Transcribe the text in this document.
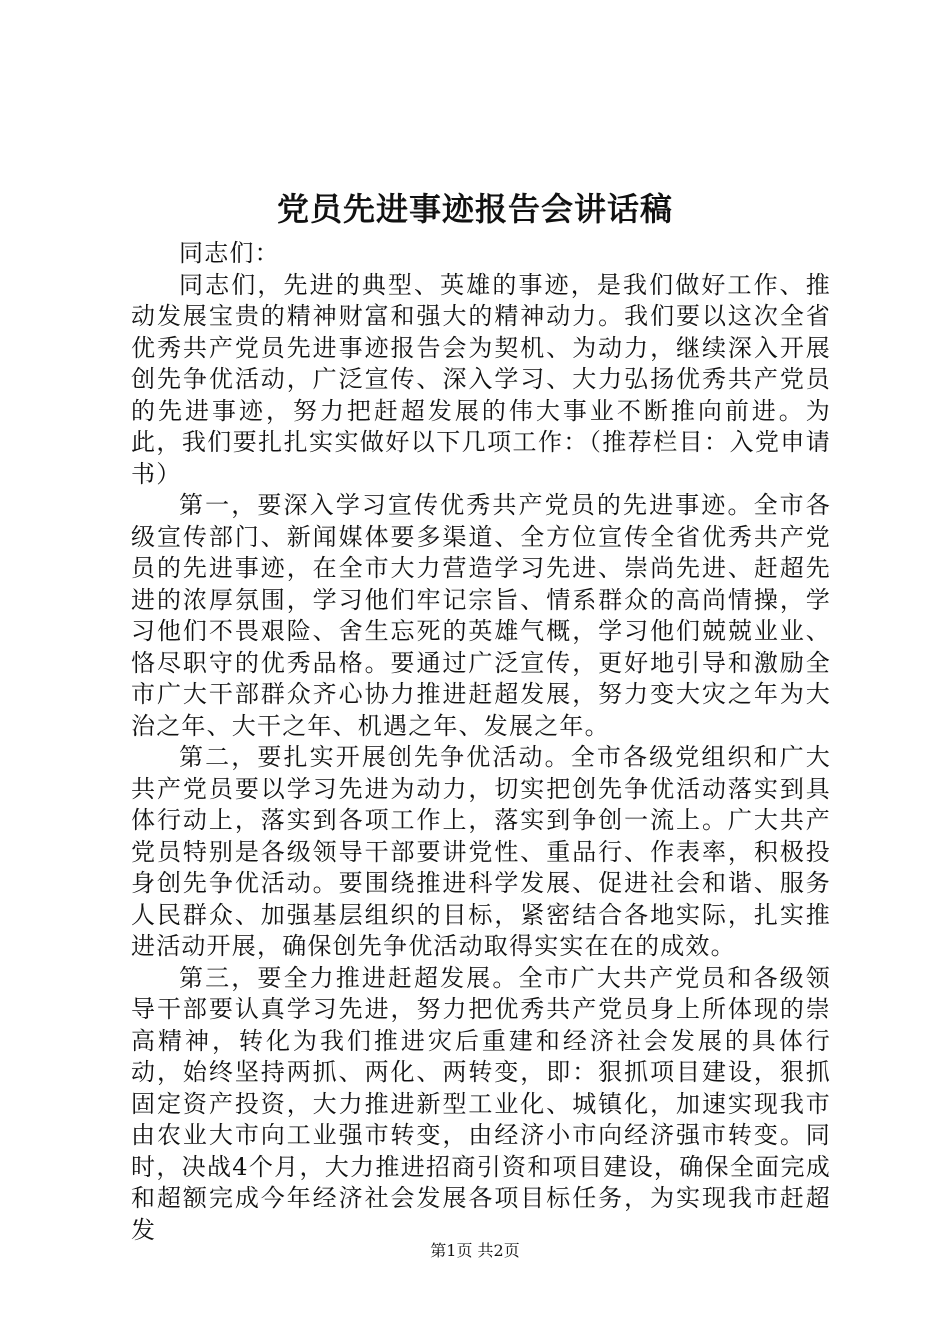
党员先进事迹报告会讲话稿
同志们：

同志们，先进的典型、英雄的事迹，是我们做好工作、推动发展宝贵的精神财富和强大的精神动力。我们要以这次全省优秀共产党员先进事迹报告会为契机、为动力，继续深入开展创先争优活动，广泛宣传、深入学习、大力弘扬优秀共产党员的先进事迹，努力把赶超发展的伟大事业不断推向前进。为此，我们要扎扎实实做好以下几项工作：（推荐栏目：入党申请书）

第一，要深入学习宣传优秀共产党员的先进事迹。全市各级宣传部门、新闻媒体要多渠道、全方位宣传全省优秀共产党员的先进事迹，在全市大力营造学习先进、崇尚先进、赶超先进的浓厚氛围，学习他们牢记宗旨、情系群众的高尚情操，学习他们不畏艰险、舍生忘死的英雄气概，学习他们兢兢业业、恪尽职守的优秀品格。要通过广泛宣传，更好地引导和激励全市广大干部群众齐心协力推进赶超发展，努力变大灾之年为大治之年、大干之年、机遇之年、发展之年。

第二，要扎实开展创先争优活动。全市各级党组织和广大共产党员要以学习先进为动力，切实把创先争优活动落实到具体行动上，落实到各项工作上，落实到争创一流上。广大共产党员特别是各级领导干部要讲党性、重品行、作表率，积极投身创先争优活动。要围绕推进科学发展、促进社会和谐、服务人民群众、加强基层组织的目标，紧密结合各地实际，扎实推进活动开展，确保创先争优活动取得实实在在的成效。

第三，要全力推进赶超发展。全市广大共产党员和各级领导干部要认真学习先进，努力把优秀共产党员身上所体现的崇高精神，转化为我们推进灾后重建和经济社会发展的具体行动，始终坚持两抓、两化、两转变，即：狠抓项目建设，狠抓固定资产投资，大力推进新型工业化、城镇化，加速实现我市由农业大市向工业强市转变，由经济小市向经济强市转变。同时，决战4个月，大力推进招商引资和项目建设，确保全面完成和超额完成今年经济社会发展各项目标任务，为实现我市赶超发

第1页 共2页
